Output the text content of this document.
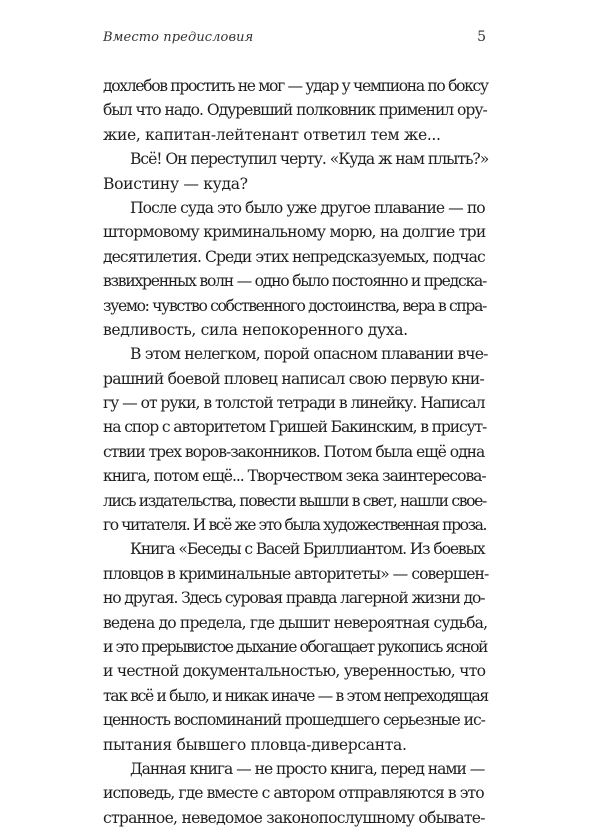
Вместо предисловия	5
дохлебов простить не мог — удар у чемпиона по боксу
был что надо. Одуревший полковник применил ору-
жие, капитан-лейтенант ответил тем же...
Всё! Он переступил черту. «Куда ж нам плыть?»
Воистину — куда?
После суда это было уже другое плавание — по
штормовому криминальному морю, на долгие три
десятилетия. Среди этих непредсказуемых, подчас
взвихренных волн — одно было постоянно и предска-
зуемо: чувство собственного достоинства, вера в спра-
ведливость, сила непокоренного духа.
В этом нелегком, порой опасном плавании вче-
рашний боевой пловец написал свою первую кни-
гу — от руки, в толстой тетради в линейку. Написал
на спор с авторитетом Гришей Бакинским, в присут-
ствии трех воров-законников. Потом была ещё одна
книга, потом ещё... Творчеством зека заинтересова-
лись издательства, повести вышли в свет, нашли свое-
го читателя. И всё же это была художественная проза.
Книга «Беседы с Васей Бриллиантом. Из боевых
пловцов в криминальные авторитеты» — совершен-
но другая. Здесь суровая правда лагерной жизни до-
ведена до предела, где дышит невероятная судьба,
и это прерывистое дыхание обогащает рукопись ясной
и честной документальностью, уверенностью, что
так всё и было, и никак иначе — в этом непреходящая
ценность воспоминаний прошедшего серьезные ис-
пытания бывшего пловца-диверсанта.
Данная книга — не просто книга, перед нами —
исповедь, где вместе с автором отправляются в это
странное, неведомое законопослушному обывате-
